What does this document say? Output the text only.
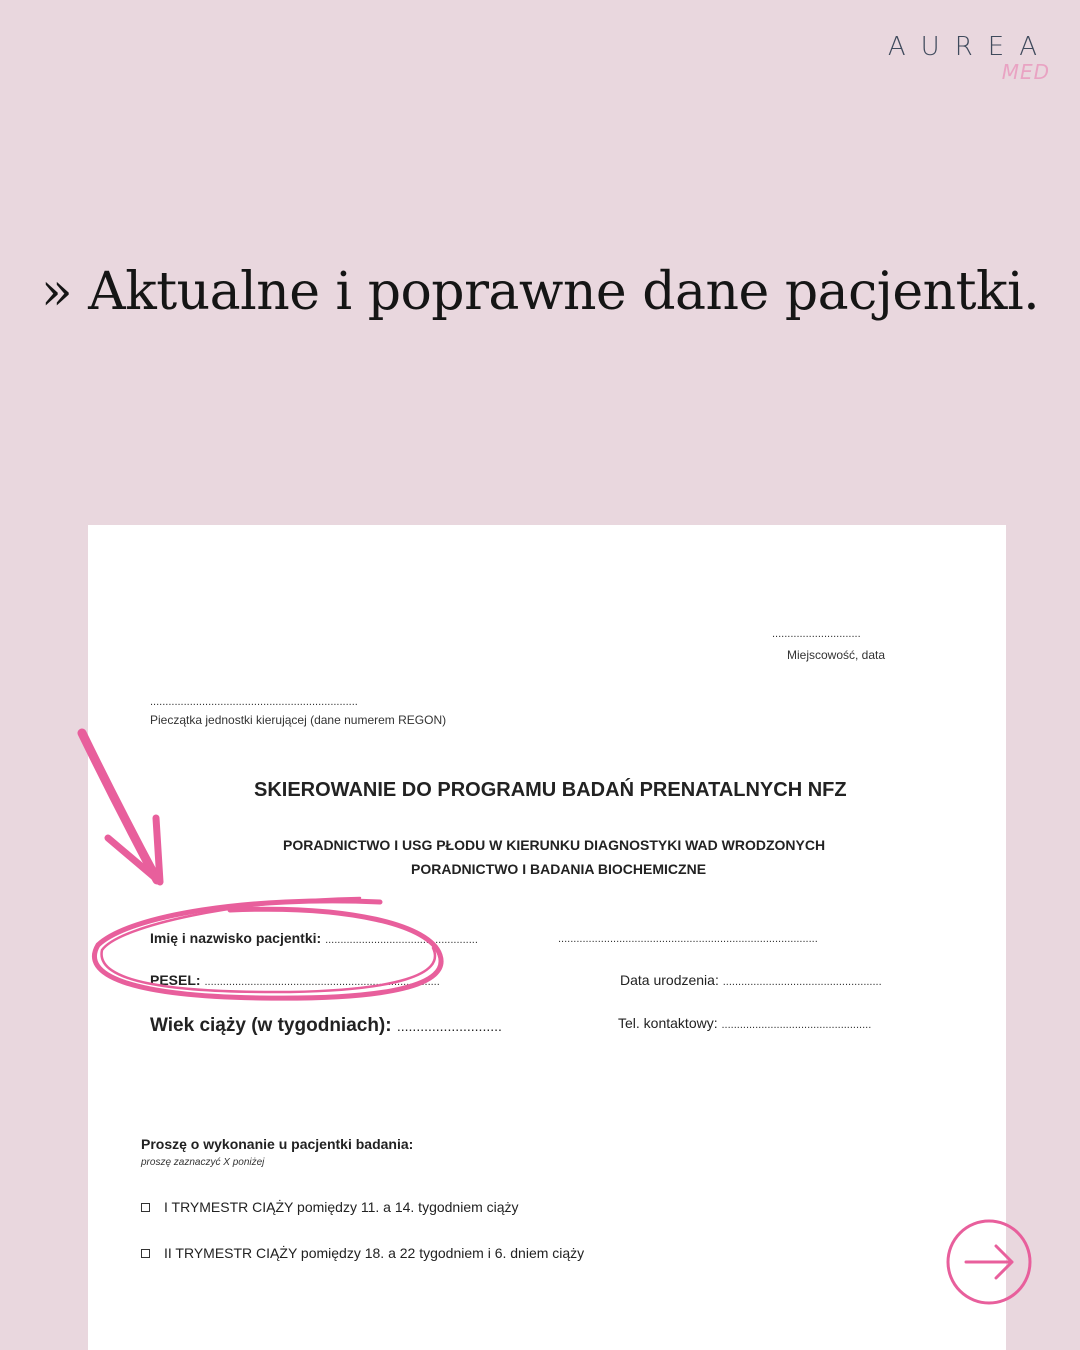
AUREA
MED
» Aktualne i poprawne dane pacjentki.
.............................
Miejscowość, data
....................................................................
Pieczątka jednostki kierującej (dane numerem REGON)
SKIEROWANIE DO PROGRAMU BADAŃ PRENATALNYCH NFZ
PORADNICTWO I USG PŁODU W KIERUNKU DIAGNOSTYKI WAD WRODZONYCH
PORADNICTWO I BADANIA BIOCHEMICZNE
Imię i nazwisko pacjentki: ..................................................	.....................................................................................
PESEL: .............................................................................	Data urodzenia: ....................................................
Wiek ciąży (w tygodniach): ...........................	Tel. kontaktowy: .................................................
Proszę o wykonanie u pacjentki badania:
proszę zaznaczyć X poniżej
I TRYMESTR CIĄŻY pomiędzy 11. a 14. tygodniem ciąży
II TRYMESTR CIĄŻY pomiędzy 18. a 22 tygodniem i 6. dniem ciąży
